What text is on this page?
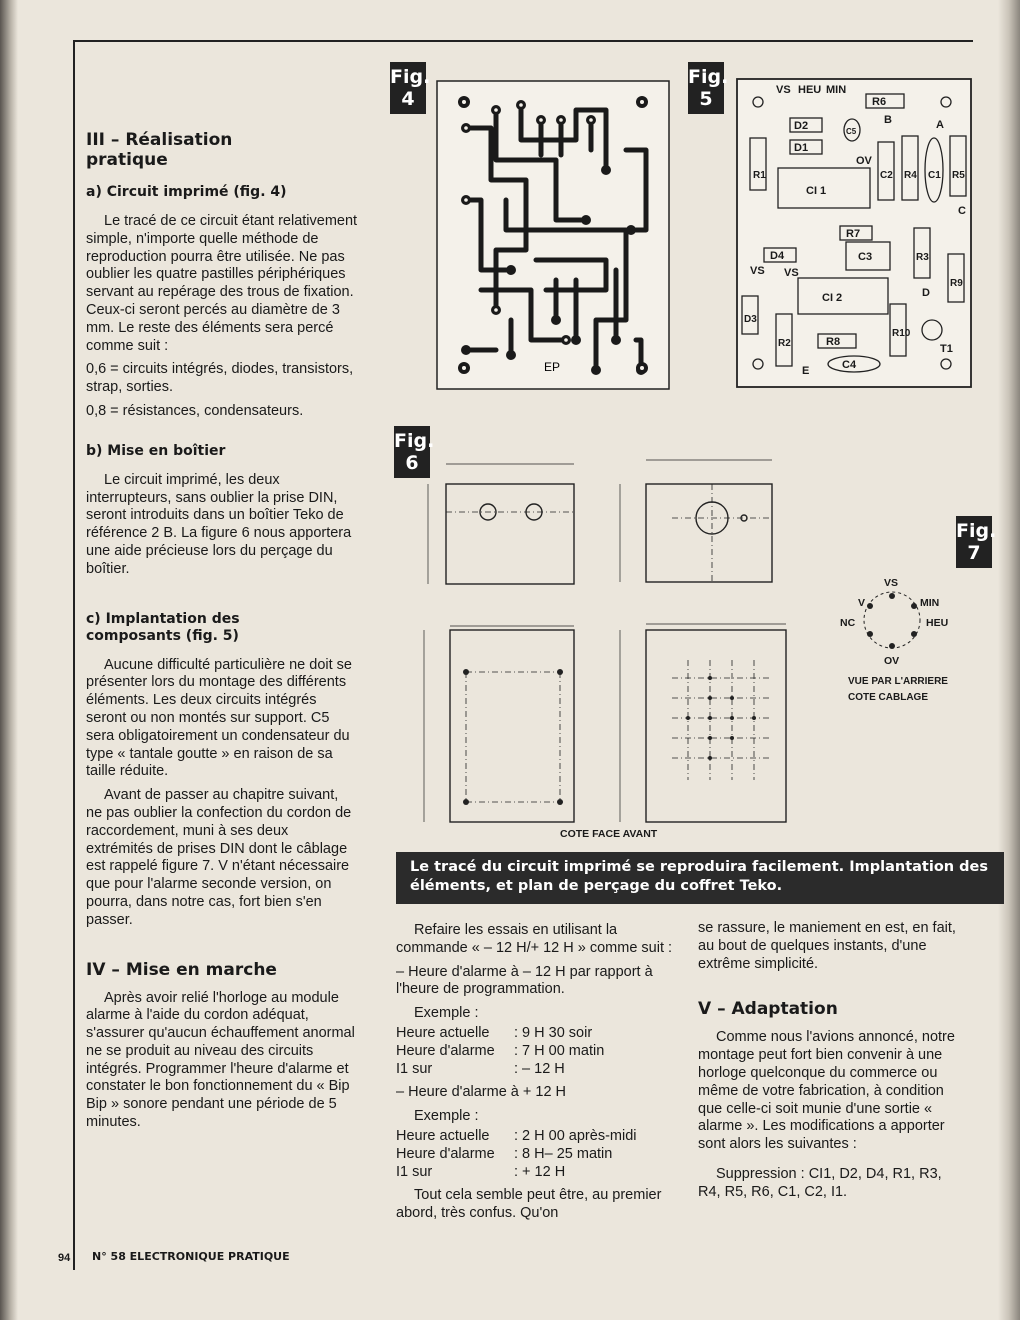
III – Réalisation pratique
a) Circuit imprimé (fig. 4)

Le tracé de ce circuit étant relativement simple, n'importe quelle méthode de reproduction pourra être utilisée. Ne pas oublier les quatre pastilles périphériques servant au repérage des trous de fixation. Ceux-ci seront percés au diamètre de 3 mm. Le reste des éléments sera percé comme suit :

0,6 = circuits intégrés, diodes, transistors, strap, sorties.

0,8 = résistances, condensateurs.

b) Mise en boîtier

Le circuit imprimé, les deux interrupteurs, sans oublier la prise DIN, seront introduits dans un boîtier Teko de référence 2 B. La figure 6 nous apportera une aide précieuse lors du perçage du boîtier.

c) Implantation des composants (fig. 5)

Aucune difficulté particulière ne doit se présenter lors du montage des différents éléments. Les deux circuits intégrés seront ou non montés sur support. C5 sera obligatoirement un condensateur du type « tantale goutte » en raison de sa taille réduite.

Avant de passer au chapitre suivant, ne pas oublier la confection du cordon de raccordement, muni à ses deux extrémités de prises DIN dont le câblage est rappelé figure 7. V n'étant nécessaire que pour l'alarme seconde version, on pourra, dans notre cas, fort bien s'en passer.

IV – Mise en marche

Après avoir relié l'horloge au module alarme à l'aide du cordon adéquat, s'assurer qu'aucun échauffement anormal ne se produit au niveau des circuits intégrés. Programmer l'heure d'alarme et constater le bon fonctionnement du « Bip Bip » sonore pendant une période de 5 minutes.

Fig. 4
Fig. 5
Fig. 6
Fig. 7
EP
VS HEU MIN
R6
D2
D1
C5
B	A
OV
R1
CI 1
C2 R4 C1 R5
C
R7
D4	C3	R3
VS VS
CI 2
R9
D
D3
R2
R10
R8
C4
E
T1
COTE FACE AVANT
VS
V	MIN
NC	HEU
OV
VUE PAR L'ARRIERE
COTE CABLAGE
Le tracé du circuit imprimé se reproduira facilement. Implantation des éléments, et plan de perçage du coffret Teko.

Refaire les essais en utilisant la commande « – 12 H/+ 12 H » comme suit :

– Heure d'alarme à – 12 H par rapport à l'heure de programmation.

Exemple :

Heure actuelle	: 9 H 30 soir
Heure d'alarme	: 7 H 00 matin
I1 sur	: – 12 H

– Heure d'alarme à + 12 H

Exemple :

Heure actuelle	: 2 H 00 après-midi
Heure d'alarme	: 8 H– 25 matin
I1 sur	: + 12 H

Tout cela semble peut être, au premier abord, très confus. Qu'on

se rassure, le maniement en est, en fait, au bout de quelques instants, d'une extrême simplicité.

V – Adaptation

Comme nous l'avions annoncé, notre montage peut fort bien convenir à une horloge quelconque du commerce ou même de votre fabrication, à condition que celle-ci soit munie d'une sortie « alarme ». Les modifications a apporter sont alors les suivantes :

Suppression : CI1, D2, D4, R1, R3, R4, R5, R6, C1, C2, I1.

94 N° 58 ELECTRONIQUE PRATIQUE
